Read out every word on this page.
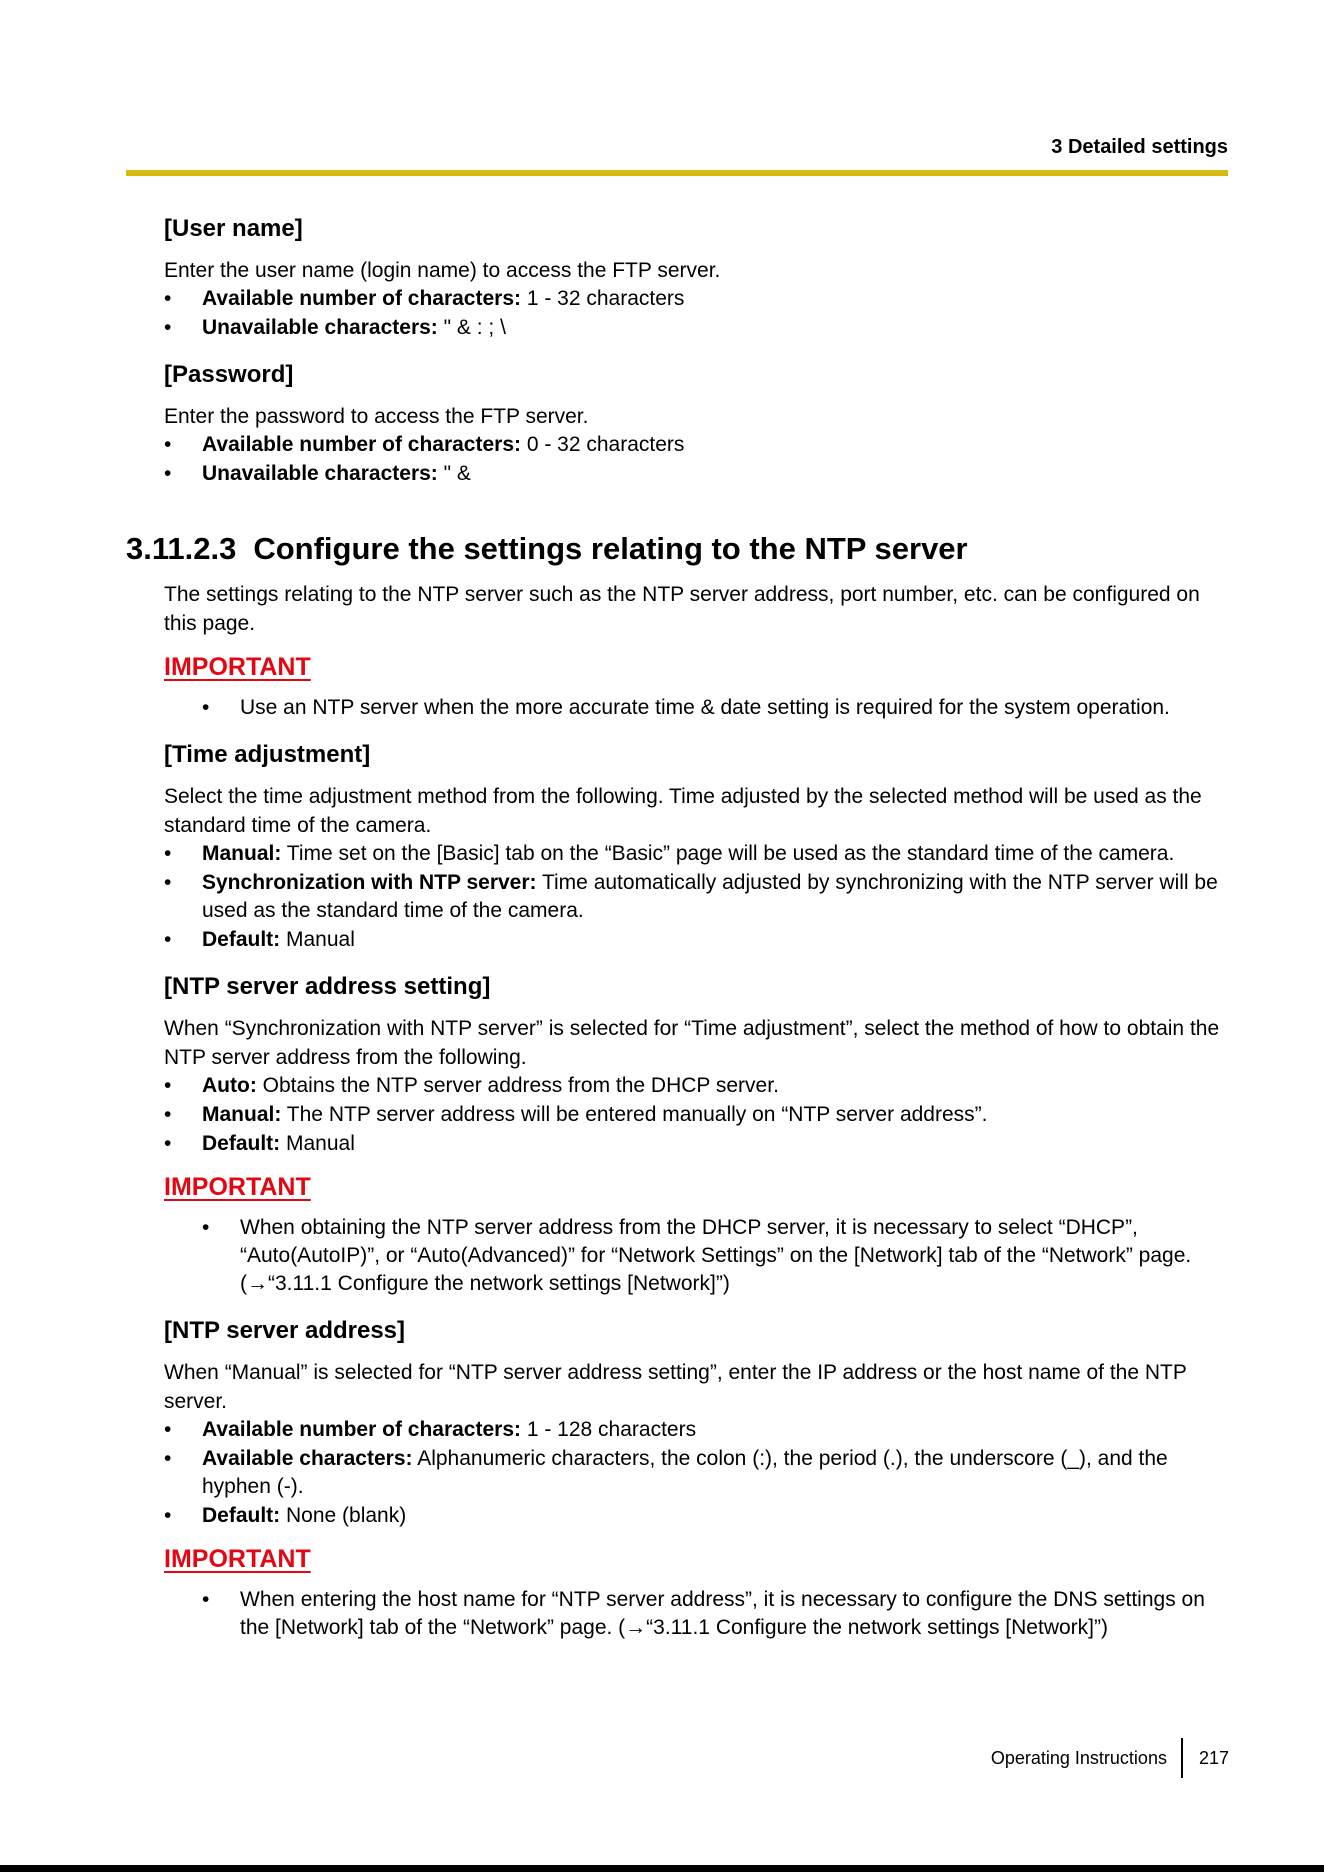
3 Detailed settings
[User name]

Enter the user name (login name) to access the FTP server.

• Available number of characters: 1 - 32 characters
• Unavailable characters: " & : ; \
[Password]

Enter the password to access the FTP server.

• Available number of characters: 0 - 32 characters
• Unavailable characters: " &
3.11.2.3 Configure the settings relating to the NTP server

The settings relating to the NTP server such as the NTP server address, port number, etc. can be configured on this page.

IMPORTANT
• Use an NTP server when the more accurate time & date setting is required for the system operation.
[Time adjustment]

Select the time adjustment method from the following. Time adjusted by the selected method will be used as the standard time of the camera.

• Manual: Time set on the [Basic] tab on the “Basic” page will be used as the standard time of the camera.
• Synchronization with NTP server: Time automatically adjusted by synchronizing with the NTP server will be used as the standard time of the camera.
• Default: Manual
[NTP server address setting]

When “Synchronization with NTP server” is selected for “Time adjustment”, select the method of how to obtain the NTP server address from the following.

• Auto: Obtains the NTP server address from the DHCP server.
• Manual: The NTP server address will be entered manually on “NTP server address”.
• Default: Manual
IMPORTANT
• When obtaining the NTP server address from the DHCP server, it is necessary to select “DHCP”, “Auto(AutoIP)”, or “Auto(Advanced)” for “Network Settings” on the [Network] tab of the “Network” page. (→“3.11.1 Configure the network settings [Network]”)
[NTP server address]

When “Manual” is selected for “NTP server address setting”, enter the IP address or the host name of the NTP server.

• Available number of characters: 1 - 128 characters
• Available characters: Alphanumeric characters, the colon (:), the period (.), the underscore (_), and the hyphen (-).
• Default: None (blank)
IMPORTANT
• When entering the host name for “NTP server address”, it is necessary to configure the DNS settings on the [Network] tab of the “Network” page. (→“3.11.1 Configure the network settings [Network]”)
Operating Instructions 217
